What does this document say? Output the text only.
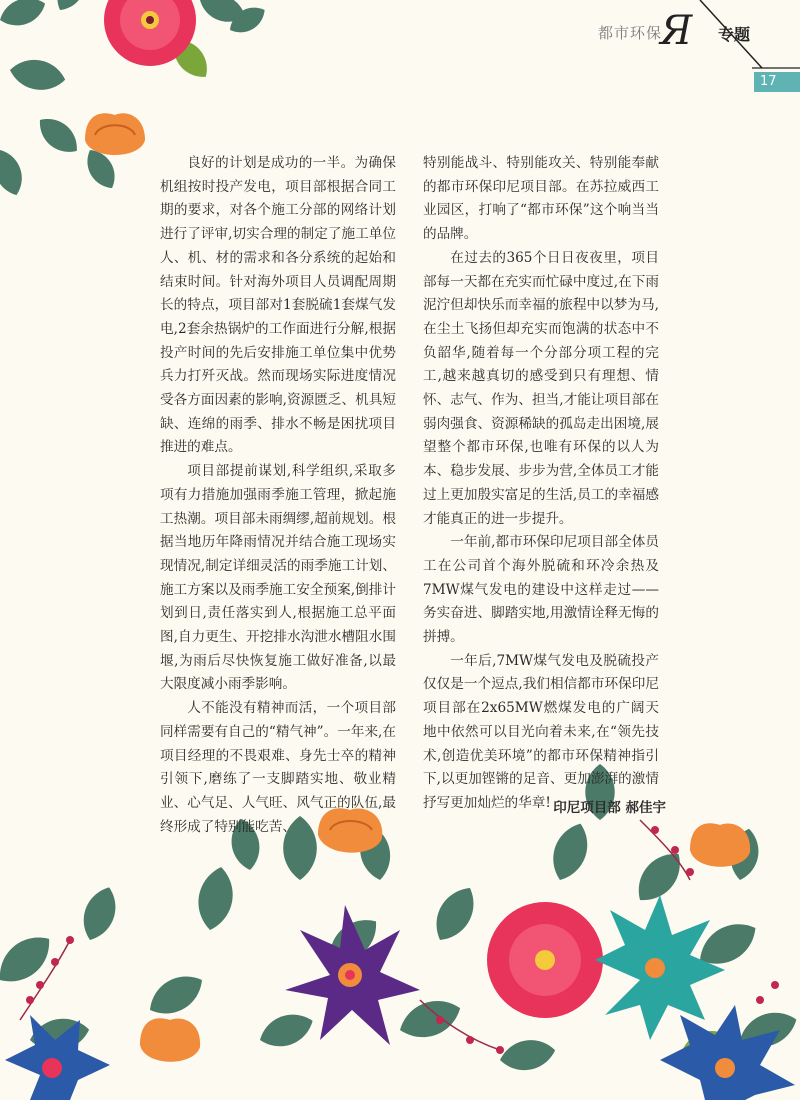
都市环保
Я 专题
17

良好的计划是成功的一半。为确保机组按时投产发电，项目部根据合同工期的要求，对各个施工分部的网络计划进行了评审,切实合理的制定了施工单位人、机、材的需求和各分系统的起始和结束时间。针对海外项目人员调配周期长的特点，项目部对1套脱硫1套煤气发电,2套余热锅炉的工作面进行分解,根据投产时间的先后安排施工单位集中优势兵力打歼灭战。然而现场实际进度情况受各方面因素的影响,资源匮乏、机具短缺、连绵的雨季、排水不畅是困扰项目推进的难点。

项目部提前谋划,科学组织,采取多项有力措施加强雨季施工管理，掀起施工热潮。项目部未雨绸缪,超前规划。根据当地历年降雨情况并结合施工现场实现情况,制定详细灵活的雨季施工计划、施工方案以及雨季施工安全预案,倒排计划到日,责任落实到人,根据施工总平面图,自力更生、开挖排水沟泄水槽阻水围堰,为雨后尽快恢复施工做好准备,以最大限度减小雨季影响。

人不能没有精神而活，一个项目部同样需要有自己的“精气神”。一年来,在项目经理的不畏艰难、身先士卒的精神引领下,磨练了一支脚踏实地、敬业精业、心气足、人气旺、风气正的队伍,最终形成了特别能吃苦、

特别能战斗、特别能攻关、特别能奉献的都市环保印尼项目部。在苏拉威西工业园区，打响了“都市环保”这个响当当的品牌。

在过去的365个日日夜夜里，项目部每一天都在充实而忙碌中度过,在下雨泥泞但却快乐而幸福的旅程中以梦为马,在尘土飞扬但却充实而饱满的状态中不负韶华,随着每一个分部分项工程的完工,越来越真切的感受到只有理想、情怀、志气、作为、担当,才能让项目部在弱肉强食、资源稀缺的孤岛走出困境,展望整个都市环保,也唯有环保的以人为本、稳步发展、步步为营,全体员工才能过上更加殷实富足的生活,员工的幸福感才能真正的进一步提升。

一年前,都市环保印尼项目部全体员工在公司首个海外脱硫和环冷余热及7MW煤气发电的建设中这样走过——务实奋进、脚踏实地,用激情诠释无悔的拼搏。

一年后,7MW煤气发电及脱硫投产仅仅是一个逗点,我们相信都市环保印尼项目部在2x65MW燃煤发电的广阔天地中依然可以目光向着未来,在“领先技术,创造优美环境”的都市环保精神指引下,以更加铿锵的足音、更加澎湃的激情抒写更加灿烂的华章! 印尼项目部 郝佳宇
